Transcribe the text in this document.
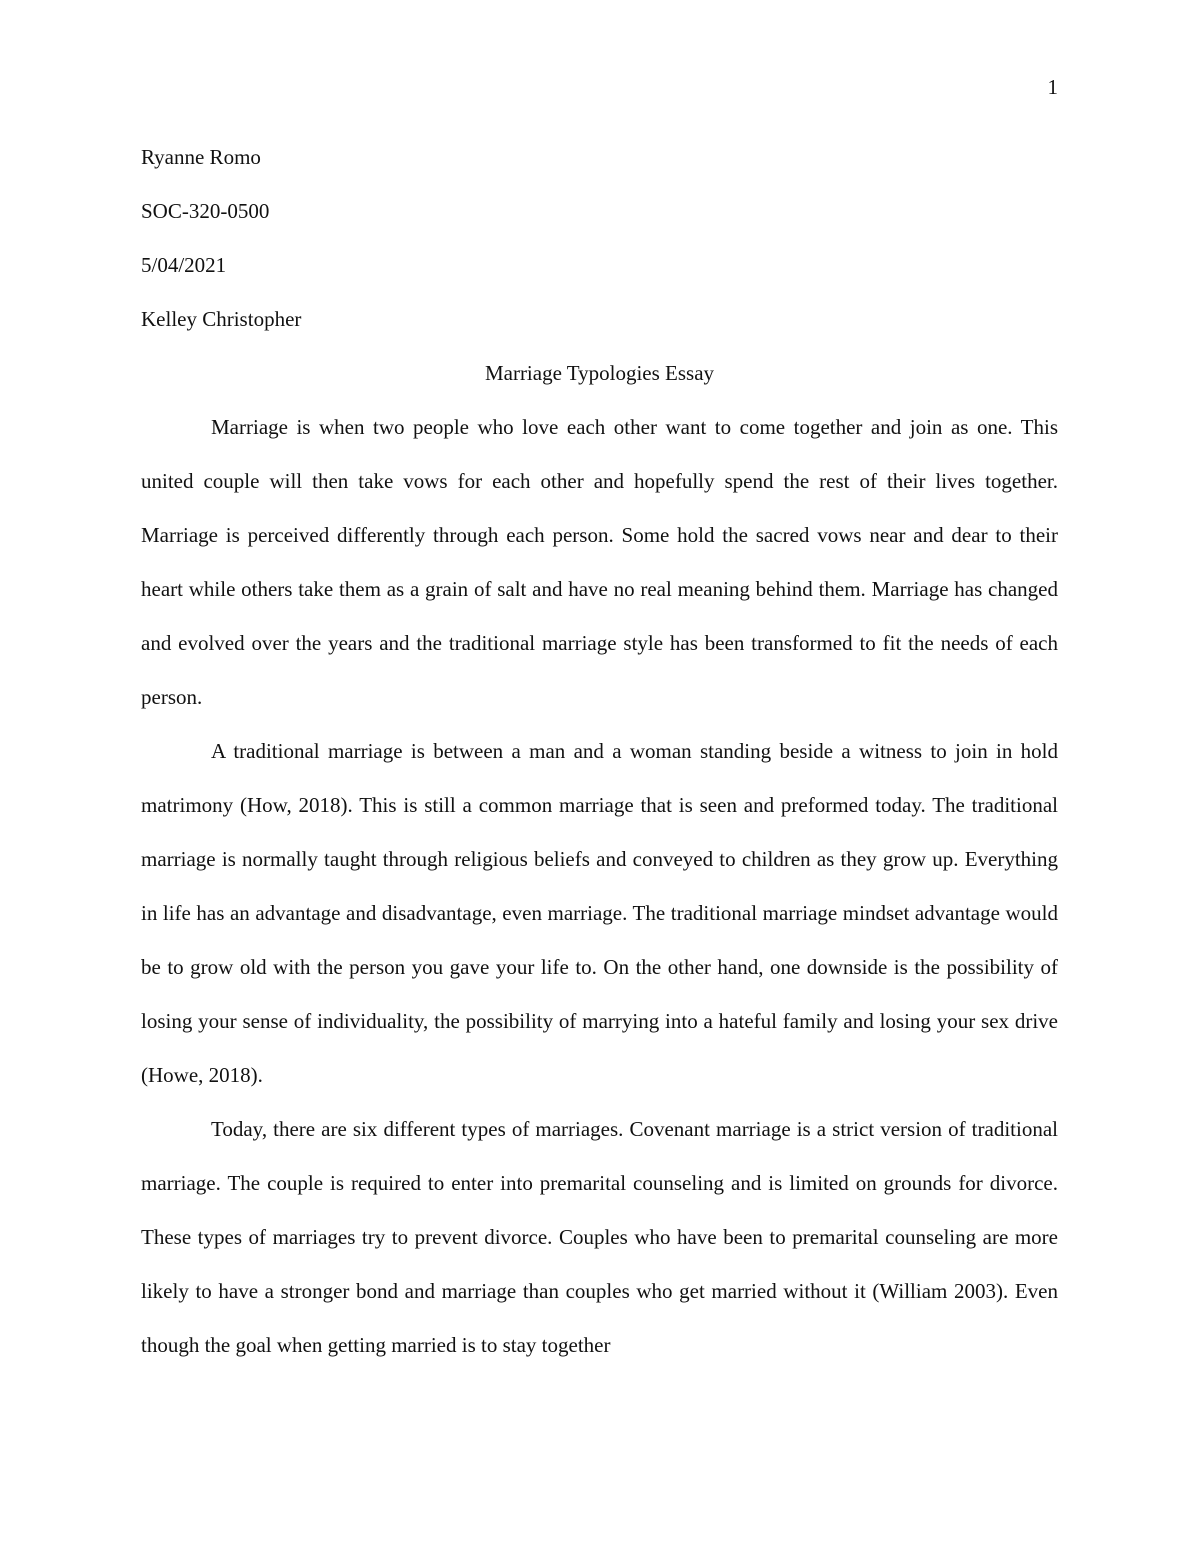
1

Ryanne Romo

SOC-320-0500

5/04/2021

Kelley Christopher

Marriage Typologies Essay

Marriage is when two people who love each other want to come together and join as one. This united couple will then take vows for each other and hopefully spend the rest of their lives together. Marriage is perceived differently through each person. Some hold the sacred vows near and dear to their heart while others take them as a grain of salt and have no real meaning behind them. Marriage has changed and evolved over the years and the traditional marriage style has been transformed to fit the needs of each person.

A traditional marriage is between a man and a woman standing beside a witness to join in hold matrimony (How, 2018). This is still a common marriage that is seen and preformed today. The traditional marriage is normally taught through religious beliefs and conveyed to children as they grow up. Everything in life has an advantage and disadvantage, even marriage. The traditional marriage mindset advantage would be to grow old with the person you gave your life to. On the other hand, one downside is the possibility of losing your sense of individuality, the possibility of marrying into a hateful family and losing your sex drive (Howe, 2018).

Today, there are six different types of marriages. Covenant marriage is a strict version of traditional marriage. The couple is required to enter into premarital counseling and is limited on grounds for divorce. These types of marriages try to prevent divorce. Couples who have been to premarital counseling are more likely to have a stronger bond and marriage than couples who get married without it (William 2003). Even though the goal when getting married is to stay together
